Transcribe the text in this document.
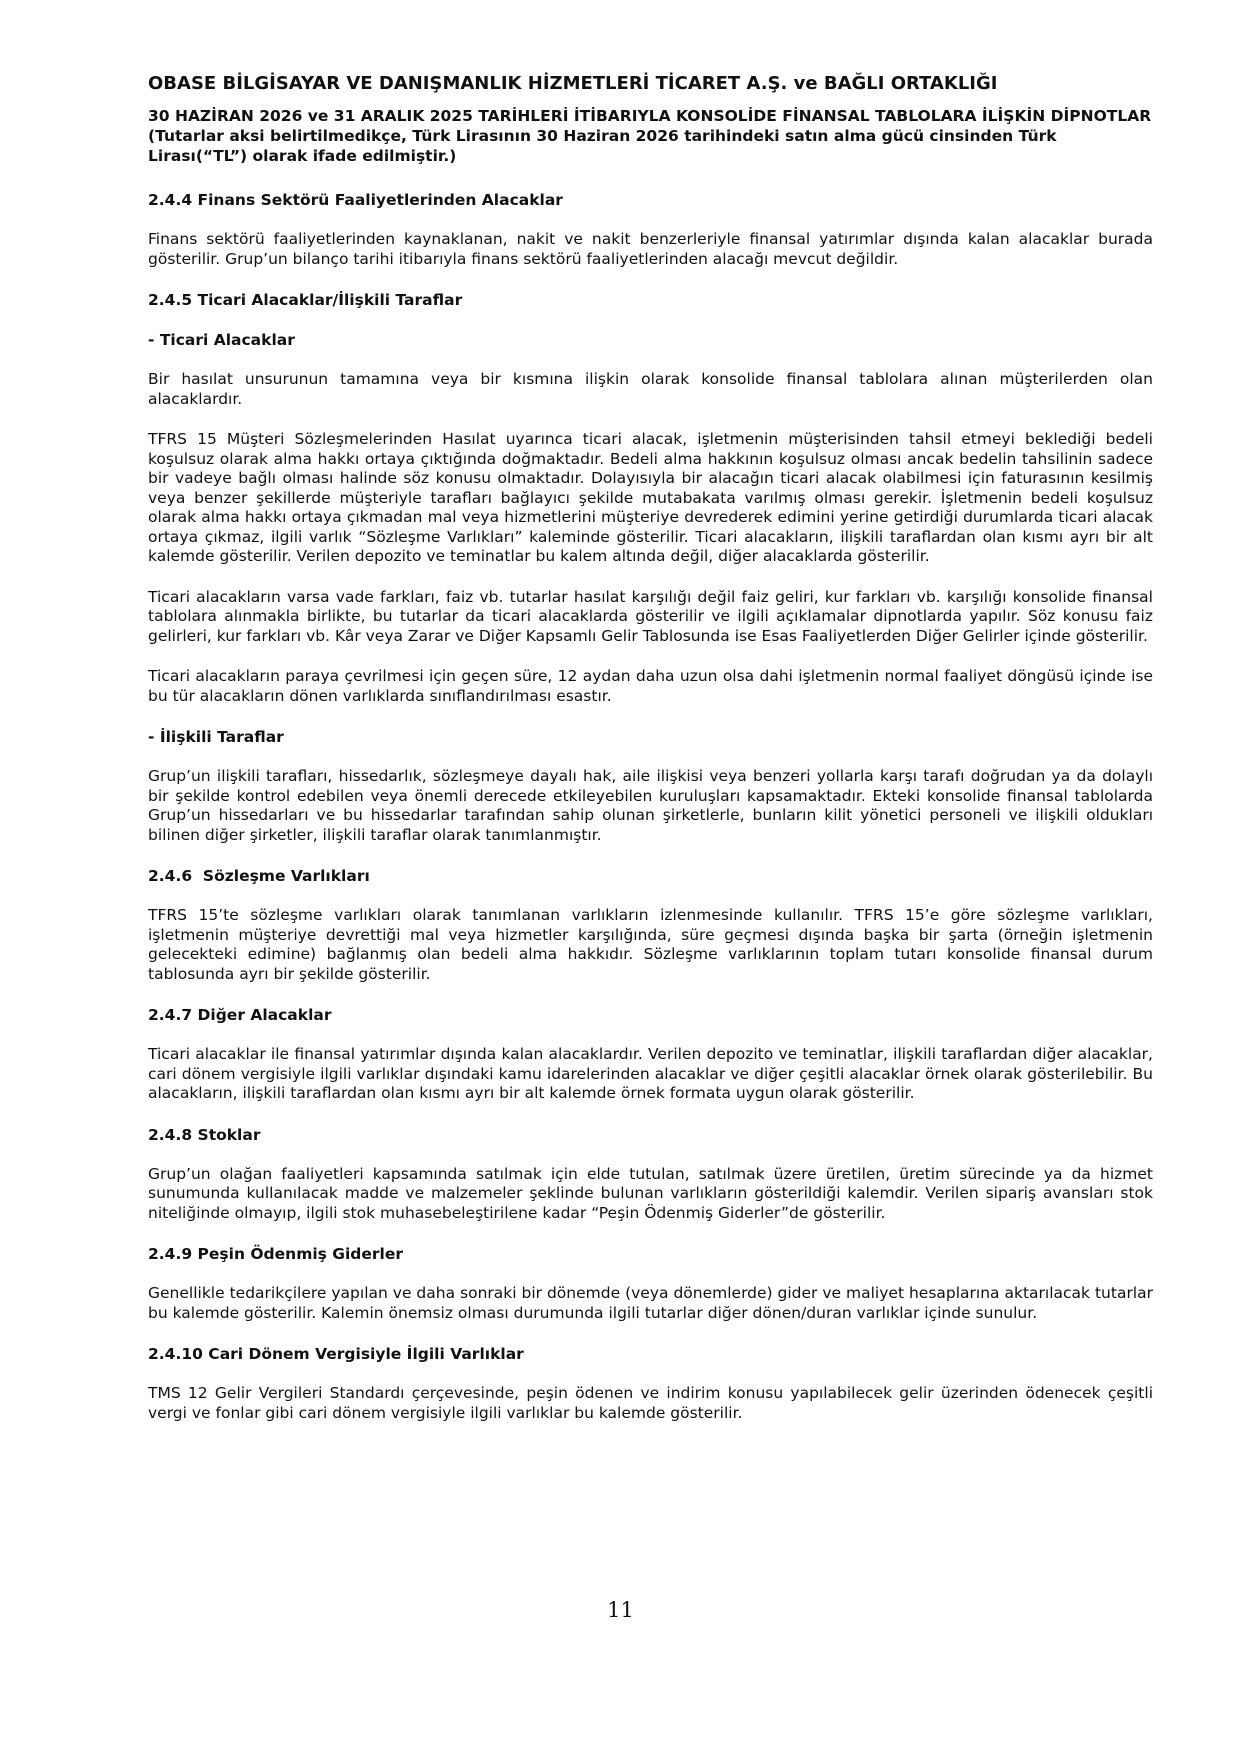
OBASE BİLGİSAYAR VE DANIŞMANLIK HİZMETLERİ TİCARET A.Ş. ve BAĞLI ORTAKLIĞI
30 HAZİRAN 2026 ve 31 ARALIK 2025 TARİHLERİ İTİBARIYLA KONSOLİDE FİNANSAL TABLOLARA İLİŞKİN DİPNOTLAR
(Tutarlar aksi belirtilmedikçe, Türk Lirasının 30 Haziran 2026 tarihindeki satın alma gücü cinsinden Türk Lirası(“TL”) olarak ifade edilmiştir.)
2.4.4 Finans Sektörü Faaliyetlerinden Alacaklar

Finans sektörü faaliyetlerinden kaynaklanan, nakit ve nakit benzerleriyle finansal yatırımlar dışında kalan alacaklar burada gösterilir. Grup’un bilanço tarihi itibarıyla finans sektörü faaliyetlerinden alacağı mevcut değildir.

2.4.5 Ticari Alacaklar/İlişkili Taraflar
- Ticari Alacaklar

Bir hasılat unsurunun tamamına veya bir kısmına ilişkin olarak konsolide finansal tablolara alınan müşterilerden olan alacaklardır.

TFRS 15 Müşteri Sözleşmelerinden Hasılat uyarınca ticari alacak, işletmenin müşterisinden tahsil etmeyi beklediği bedeli koşulsuz olarak alma hakkı ortaya çıktığında doğmaktadır. Bedeli alma hakkının koşulsuz olması ancak bedelin tahsilinin sadece bir vadeye bağlı olması halinde söz konusu olmaktadır. Dolayısıyla bir alacağın ticari alacak olabilmesi için faturasının kesilmiş veya benzer şekillerde müşteriyle tarafları bağlayıcı şekilde mutabakata varılmış olması gerekir. İşletmenin bedeli koşulsuz olarak alma hakkı ortaya çıkmadan mal veya hizmetlerini müşteriye devrederek edimini yerine getirdiği durumlarda ticari alacak ortaya çıkmaz, ilgili varlık “Sözleşme Varlıkları” kaleminde gösterilir. Ticari alacakların, ilişkili taraflardan olan kısmı ayrı bir alt kalemde gösterilir. Verilen depozito ve teminatlar bu kalem altında değil, diğer alacaklarda gösterilir.

Ticari alacakların varsa vade farkları, faiz vb. tutarlar hasılat karşılığı değil faiz geliri, kur farkları vb. karşılığı konsolide finansal tablolara alınmakla birlikte, bu tutarlar da ticari alacaklarda gösterilir ve ilgili açıklamalar dipnotlarda yapılır. Söz konusu faiz gelirleri, kur farkları vb. Kâr veya Zarar ve Diğer Kapsamlı Gelir Tablosunda ise Esas Faaliyetlerden Diğer Gelirler içinde gösterilir.

Ticari alacakların paraya çevrilmesi için geçen süre, 12 aydan daha uzun olsa dahi işletmenin normal faaliyet döngüsü içinde ise bu tür alacakların dönen varlıklarda sınıflandırılması esastır.

- İlişkili Taraflar

Grup’un ilişkili tarafları, hissedarlık, sözleşmeye dayalı hak, aile ilişkisi veya benzeri yollarla karşı tarafı doğrudan ya da dolaylı bir şekilde kontrol edebilen veya önemli derecede etkileyebilen kuruluşları kapsamaktadır. Ekteki konsolide finansal tablolarda Grup’un hissedarları ve bu hissedarlar tarafından sahip olunan şirketlerle, bunların kilit yönetici personeli ve ilişkili oldukları bilinen diğer şirketler, ilişkili taraflar olarak tanımlanmıştır.

2.4.6  Sözleşme Varlıkları

TFRS 15’te sözleşme varlıkları olarak tanımlanan varlıkların izlenmesinde kullanılır. TFRS 15’e göre sözleşme varlıkları, işletmenin müşteriye devrettiği mal veya hizmetler karşılığında, süre geçmesi dışında başka bir şarta (örneğin işletmenin gelecekteki edimine) bağlanmış olan bedeli alma hakkıdır. Sözleşme varlıklarının toplam tutarı konsolide finansal durum tablosunda ayrı bir şekilde gösterilir.

2.4.7 Diğer Alacaklar

Ticari alacaklar ile finansal yatırımlar dışında kalan alacaklardır. Verilen depozito ve teminatlar, ilişkili taraflardan diğer alacaklar, cari dönem vergisiyle ilgili varlıklar dışındaki kamu idarelerinden alacaklar ve diğer çeşitli alacaklar örnek olarak gösterilebilir. Bu alacakların, ilişkili taraflardan olan kısmı ayrı bir alt kalemde örnek formata uygun olarak gösterilir.

2.4.8 Stoklar

Grup’un olağan faaliyetleri kapsamında satılmak için elde tutulan, satılmak üzere üretilen, üretim sürecinde ya da hizmet sunumunda kullanılacak madde ve malzemeler şeklinde bulunan varlıkların gösterildiği kalemdir. Verilen sipariş avansları stok niteliğinde olmayıp, ilgili stok muhasebeleştirilene kadar “Peşin Ödenmiş Giderler”de gösterilir.

2.4.9 Peşin Ödenmiş Giderler

Genellikle tedarikçilere yapılan ve daha sonraki bir dönemde (veya dönemlerde) gider ve maliyet hesaplarına aktarılacak tutarlar bu kalemde gösterilir. Kalemin önemsiz olması durumunda ilgili tutarlar diğer dönen/duran varlıklar içinde sunulur.

2.4.10 Cari Dönem Vergisiyle İlgili Varlıklar

TMS 12 Gelir Vergileri Standardı çerçevesinde, peşin ödenen ve indirim konusu yapılabilecek gelir üzerinden ödenecek çeşitli vergi ve fonlar gibi cari dönem vergisiyle ilgili varlıklar bu kalemde gösterilir.

11
